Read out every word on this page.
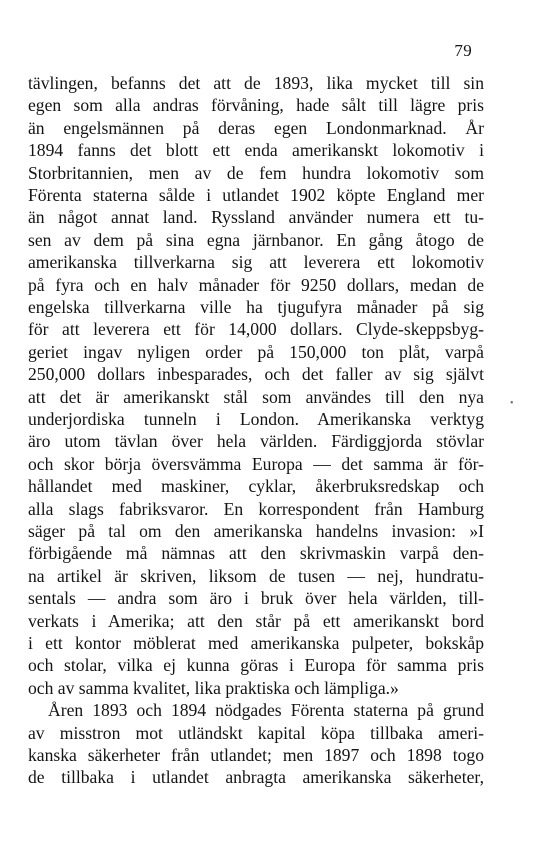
79
•
tävlingen, befanns det att de 1893, lika mycket till sin
egen som alla andras förvåning, hade sålt till lägre pris
än engelsmännen på deras egen Londonmarknad. År
1894 fanns det blott ett enda amerikanskt lokomotiv i
Storbritannien, men av de fem hundra lokomotiv som
Förenta staterna sålde i utlandet 1902 köpte England mer
än något annat land. Ryssland använder numera ett tu-
sen av dem på sina egna järnbanor. En gång åtogo de
amerikanska tillverkarna sig att leverera ett lokomotiv
på fyra och en halv månader för 9250 dollars, medan de
engelska tillverkarna ville ha tjugufyra månader på sig
för att leverera ett för 14,000 dollars. Clyde-skeppsbyg-
geriet ingav nyligen order på 150,000 ton plåt, varpå
250,000 dollars inbesparades, och det faller av sig självt
att det är amerikanskt stål som användes till den nya
underjordiska tunneln i London. Amerikanska verktyg
äro utom tävlan över hela världen. Färdiggjorda stövlar
och skor börja översvämma Europa — det samma är för-
hållandet med maskiner, cyklar, åkerbruksredskap och
alla slags fabriksvaror. En korrespondent från Hamburg
säger på tal om den amerikanska handelns invasion: »I
förbigående må nämnas att den skrivmaskin varpå den-
na artikel är skriven, liksom de tusen — nej, hundratu-
sentals — andra som äro i bruk över hela världen, till-
verkats i Amerika; att den står på ett amerikanskt bord
i ett kontor möblerat med amerikanska pulpeter, bokskåp
och stolar, vilka ej kunna göras i Europa för samma pris
och av samma kvalitet, lika praktiska och lämpliga.»
Åren 1893 och 1894 nödgades Förenta staterna på grund
av misstron mot utländskt kapital köpa tillbaka ameri-
kanska säkerheter från utlandet; men 1897 och 1898 togo
de tillbaka i utlandet anbragta amerikanska säkerheter,
